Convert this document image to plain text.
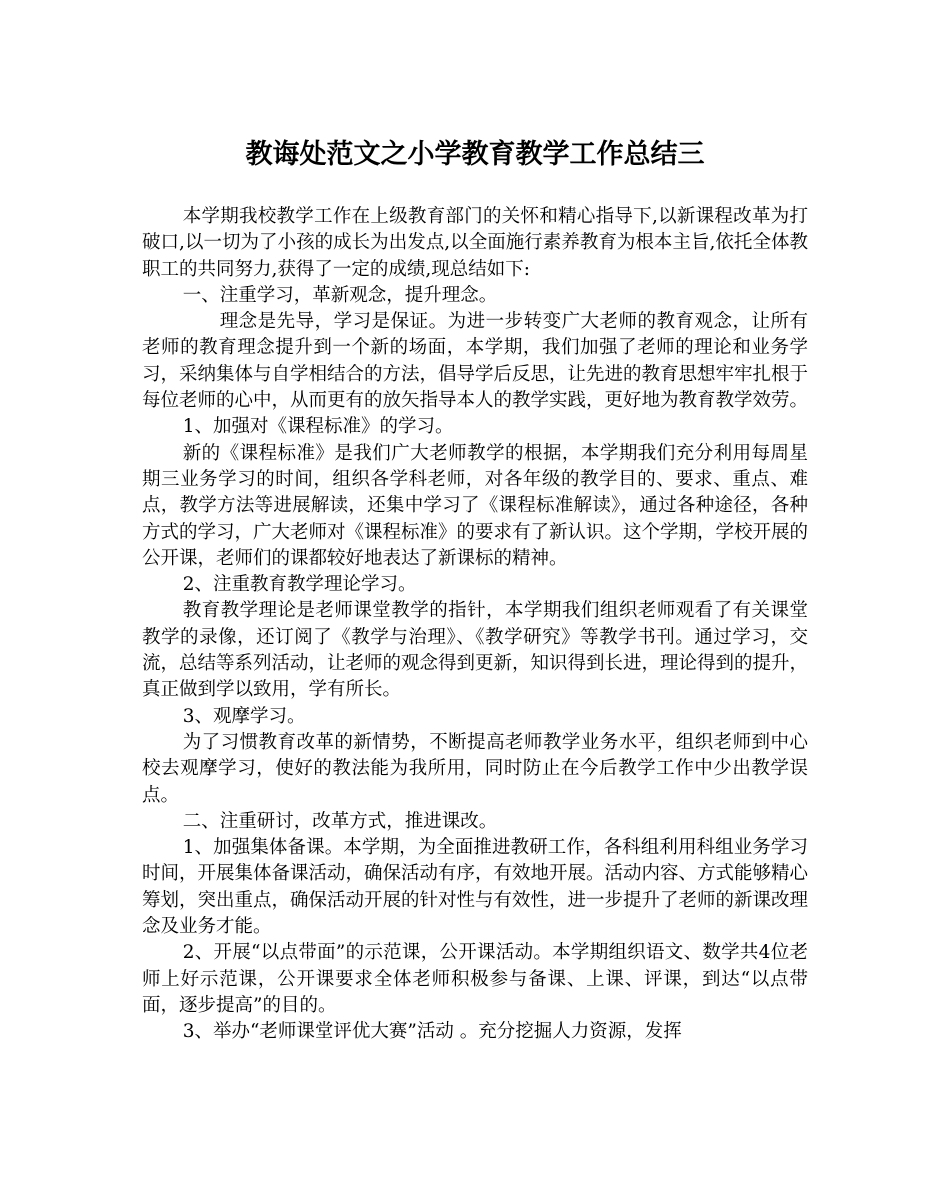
教诲处范文之小学教育教学工作总结三

本学期我校教学工作在上级教育部门的关怀和精心指导下,以新课程改革为打破口,以一切为了小孩的成长为出发点,以全面施行素养教育为根本主旨,依托全体教职工的共同努力,获得了一定的成绩,现总结如下:

一、注重学习，革新观念，提升理念。

理念是先导，学习是保证。为进一步转变广大老师的教育观念，让所有老师的教育理念提升到一个新的场面，本学期，我们加强了老师的理论和业务学习，采纳集体与自学相结合的方法，倡导学后反思，让先进的教育思想牢牢扎根于每位老师的心中，从而更有的放矢指导本人的教学实践，更好地为教育教学效劳。

1、加强对《课程标准》的学习。

新的《课程标准》是我们广大老师教学的根据，本学期我们充分利用每周星期三业务学习的时间，组织各学科老师，对各年级的教学目的、要求、重点、难点，教学方法等进展解读，还集中学习了《课程标准解读》，通过各种途径，各种方式的学习，广大老师对《课程标准》的要求有了新认识。这个学期，学校开展的公开课，老师们的课都较好地表达了新课标的精神。

2、注重教育教学理论学习。

教育教学理论是老师课堂教学的指针，本学期我们组织老师观看了有关课堂教学的录像，还订阅了《教学与治理》、《教学研究》等教学书刊。通过学习，交流，总结等系列活动，让老师的观念得到更新，知识得到长进，理论得到的提升，真正做到学以致用，学有所长。

3、观摩学习。

为了习惯教育改革的新情势，不断提高老师教学业务水平，组织老师到中心校去观摩学习，使好的教法能为我所用，同时防止在今后教学工作中少出教学误点。

二、注重研讨，改革方式，推进课改。

1、加强集体备课。本学期，为全面推进教研工作，各科组利用科组业务学习时间，开展集体备课活动，确保活动有序，有效地开展。活动内容、方式能够精心筹划，突出重点，确保活动开展的针对性与有效性，进一步提升了老师的新课改理念及业务才能。

2、开展“以点带面”的示范课，公开课活动。本学期组织语文、数学共4位老师上好示范课，公开课要求全体老师积极参与备课、上课、评课，到达“以点带面，逐步提高”的目的。

3、举办“老师课堂评优大赛”活动 。充分挖掘人力资源，发挥
